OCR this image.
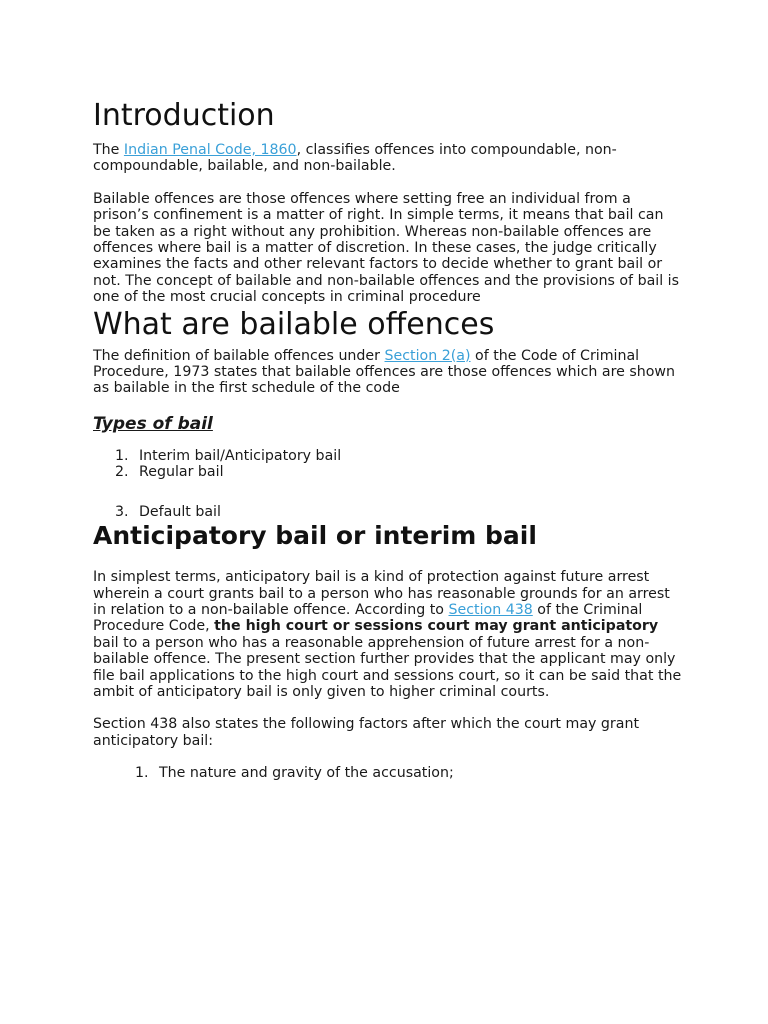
Introduction

The Indian Penal Code, 1860, classifies offences into compoundable, non-compoundable, bailable, and non-bailable.

Bailable offences are those offences where setting free an individual from a prison’s confinement is a matter of right. In simple terms, it means that bail can be taken as a right without any prohibition. Whereas non-bailable offences are offences where bail is a matter of discretion. In these cases, the judge critically examines the facts and other relevant factors to decide whether to grant bail or not. The concept of bailable and non-bailable offences and the provisions of bail is one of the most crucial concepts in criminal procedure

What are bailable offences

The definition of bailable offences under Section 2(a) of the Code of Criminal Procedure, 1973 states that bailable offences are those offences which are shown as bailable in the first schedule of the code

Types of bail
1. Interim bail/Anticipatory bail
2. Regular bail
3. Default bail
Anticipatory bail or interim bail

In simplest terms, anticipatory bail is a kind of protection against future arrest wherein a court grants bail to a person who has reasonable grounds for an arrest in relation to a non-bailable offence. According to Section 438 of the Criminal Procedure Code, the high court or sessions court may grant anticipatory bail to a person who has a reasonable apprehension of future arrest for a non-bailable offence. The present section further provides that the applicant may only file bail applications to the high court and sessions court, so it can be said that the ambit of anticipatory bail is only given to higher criminal courts.

Section 438 also states the following factors after which the court may grant anticipatory bail:

1. The nature and gravity of the accusation;
